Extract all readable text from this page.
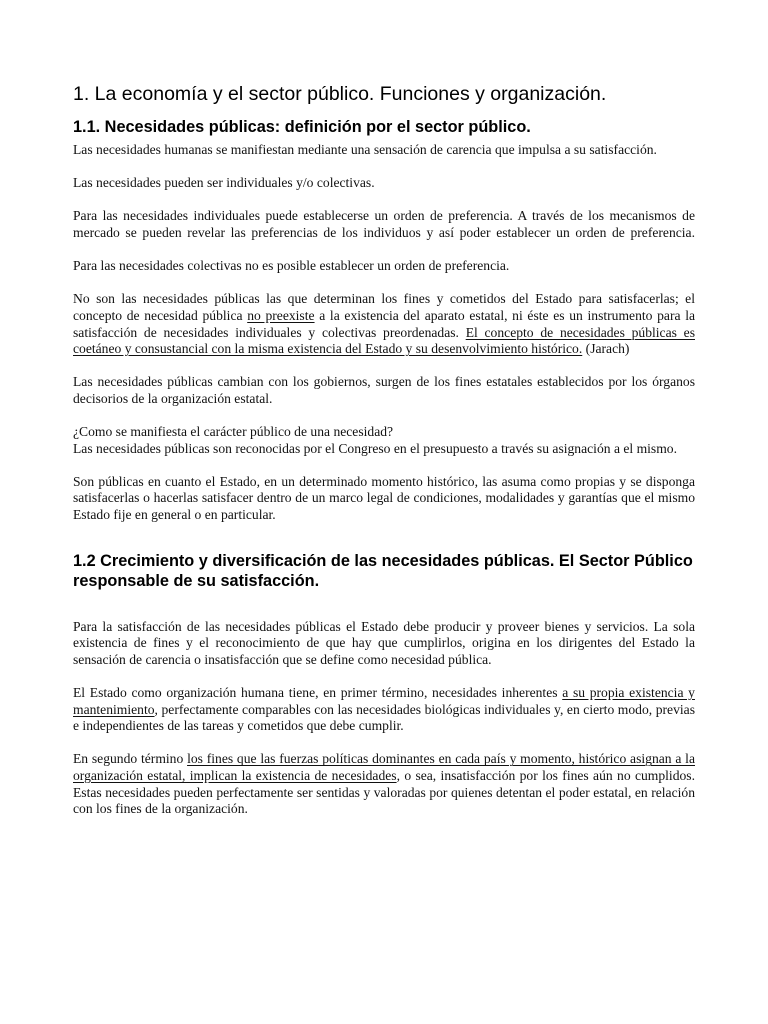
1. La economía y el sector público. Funciones y organización.
1.1. Necesidades públicas: definición por el sector público.

Las necesidades humanas se manifiestan mediante una sensación de carencia que impulsa a su satisfacción.

Las necesidades pueden ser individuales y/o colectivas.

Para las necesidades individuales puede establecerse un orden de preferencia. A través de los mecanismos de mercado se pueden revelar las preferencias de los individuos y así poder establecer un orden de preferencia.

Para las necesidades colectivas no es posible establecer un orden de preferencia.

No son las necesidades públicas las que determinan los fines y cometidos del Estado para satisfacerlas; el concepto de necesidad pública no preexiste a la existencia del aparato estatal, ni éste es un instrumento para la satisfacción de necesidades individuales y colectivas preordenadas. El concepto de necesidades públicas es coetáneo y consustancial con la misma existencia del Estado y su desenvolvimiento histórico. (Jarach)

Las necesidades públicas cambian con los gobiernos, surgen de los fines estatales establecidos por los órganos decisorios de la organización estatal.

¿Como se manifiesta el carácter público de una necesidad?

Las necesidades públicas son reconocidas por el Congreso en el presupuesto a través su asignación a el mismo.

Son públicas en cuanto el Estado, en un determinado momento histórico, las asuma como propias y se disponga satisfacerlas o hacerlas satisfacer dentro de un marco legal de condiciones, modalidades y garantías que el mismo Estado fije en general o en particular.

1.2 Crecimiento y diversificación de las necesidades públicas. El Sector Público responsable de su satisfacción.

Para la satisfacción de las necesidades públicas el Estado debe producir y proveer bienes y servicios. La sola existencia de fines y el reconocimiento de que hay que cumplirlos, origina en los dirigentes del Estado la sensación de carencia o insatisfacción que se define como necesidad pública.

El Estado como organización humana tiene, en primer término, necesidades inherentes a su propia existencia y mantenimiento, perfectamente comparables con las necesidades biológicas individuales y, en cierto modo, previas e independientes de las tareas y cometidos que debe cumplir.

En segundo término los fines que las fuerzas políticas dominantes en cada país y momento, histórico asignan a la organización estatal, implican la existencia de necesidades, o sea, insatisfacción por los fines aún no cumplidos. Estas necesidades pueden perfectamente ser sentidas y valoradas por quienes detentan el poder estatal, en relación con los fines de la organización.
